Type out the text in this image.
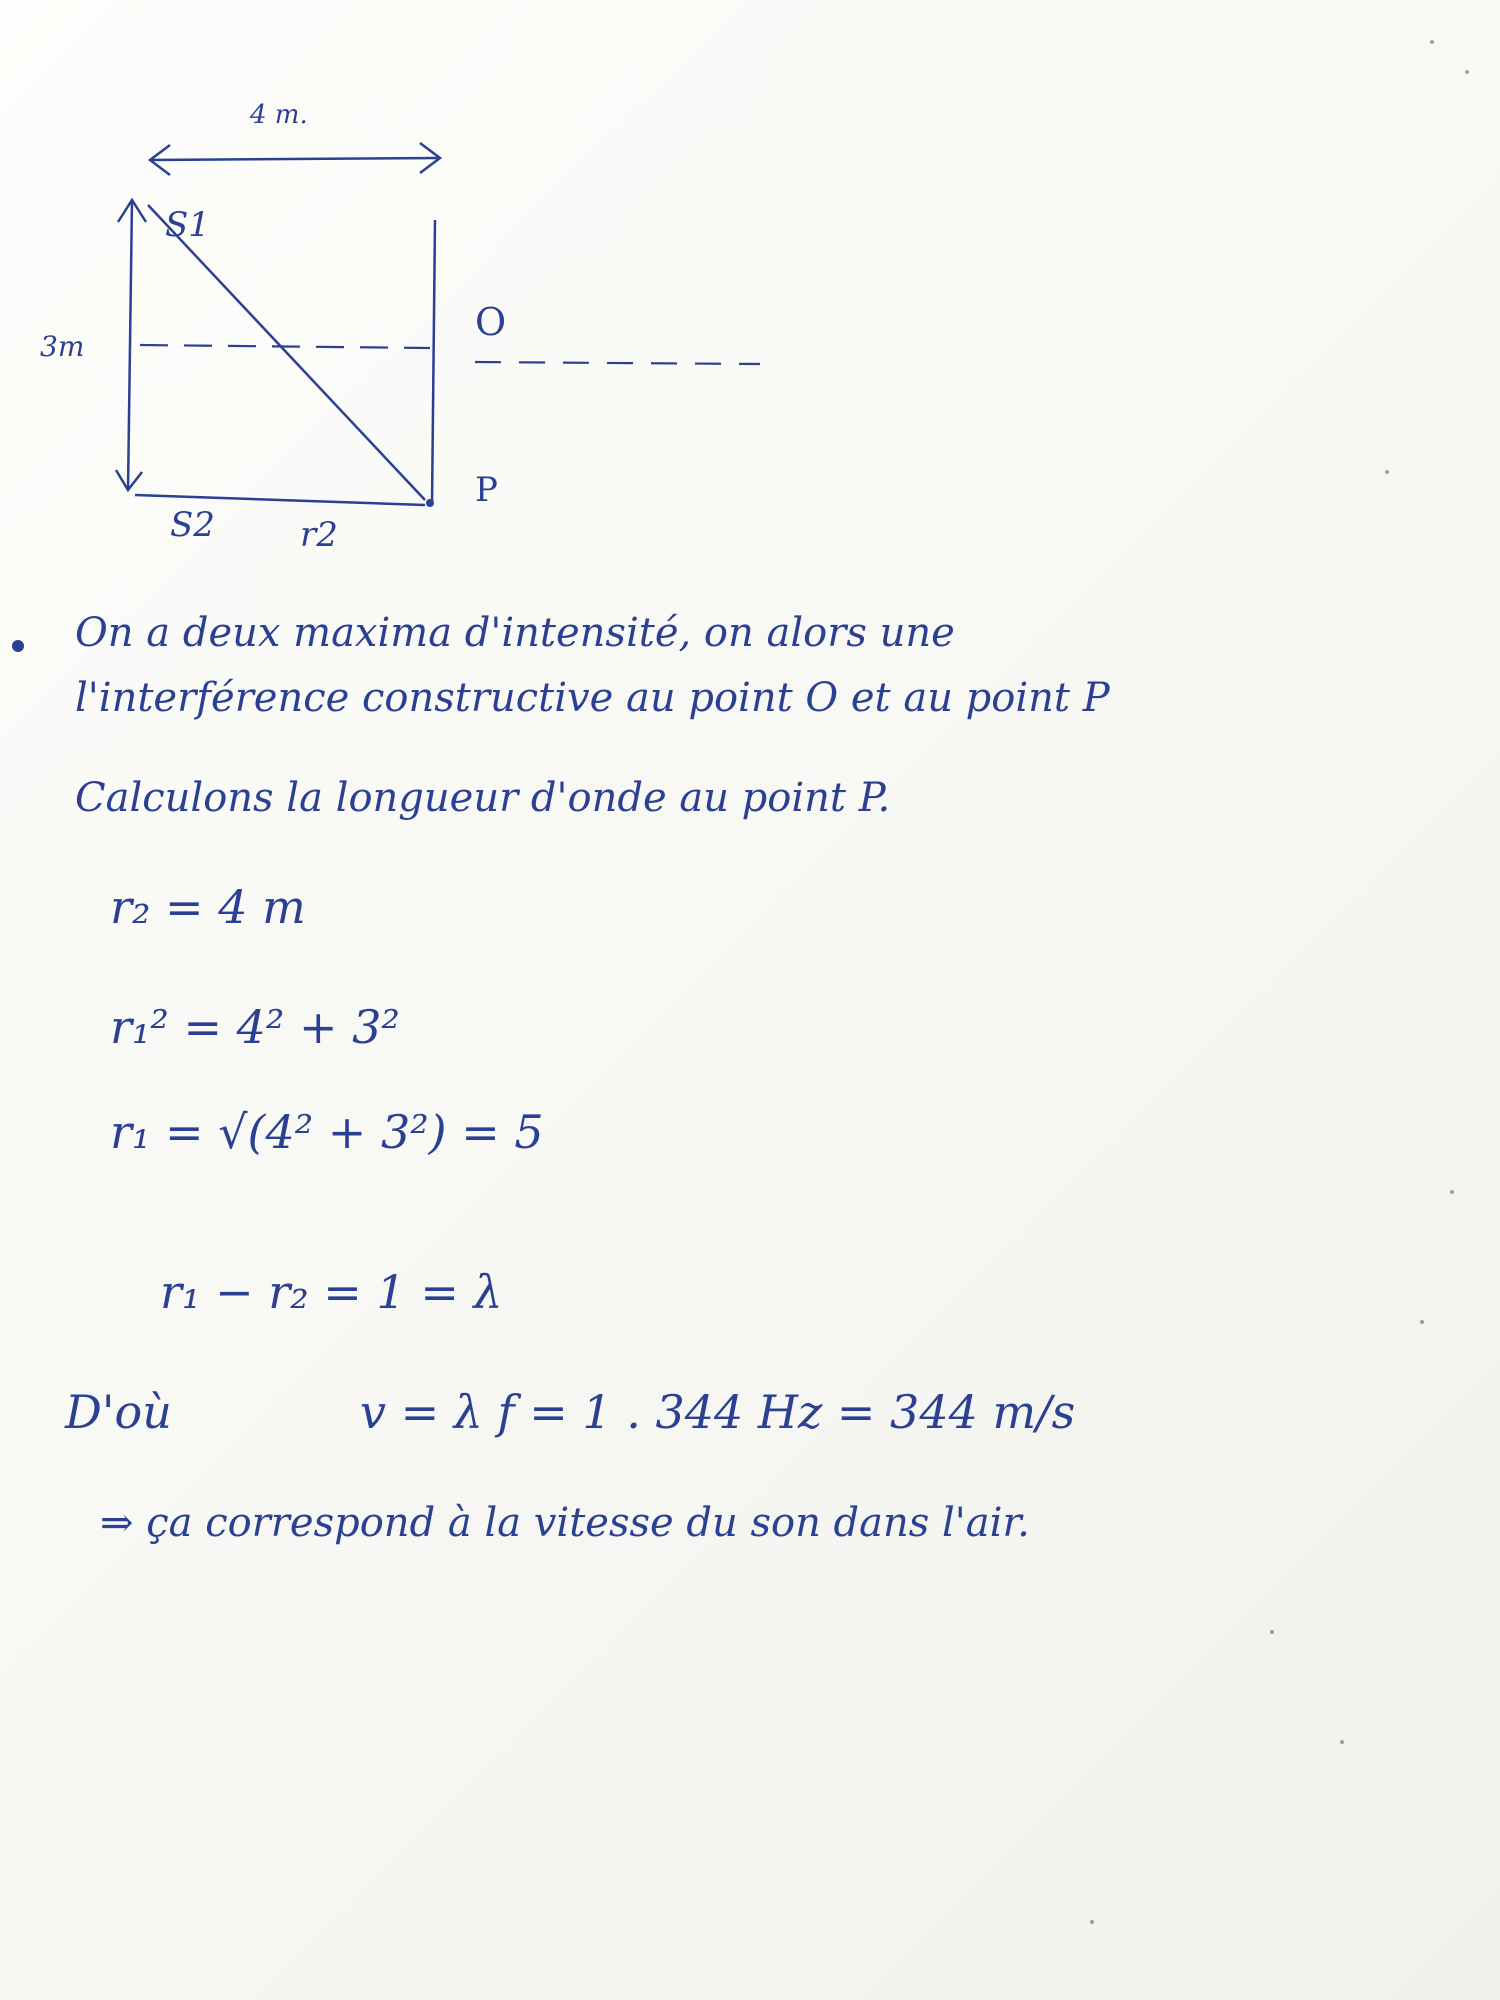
4 m.
3m
S1
S2	r2
O
P
On a deux maxima d'intensité, on alors une
l'interférence constructive au point O et au point P
Calculons la longueur d'onde au point P.
r₂ = 4 m
r₁² = 4² + 3²
r₁ = √(4² + 3²) = 5
r₁ − r₂ = 1 = λ
D'où	v = λ f = 1 . 344 Hz = 344 m/s
⇒ ça correspond à la vitesse du son dans l'air.
